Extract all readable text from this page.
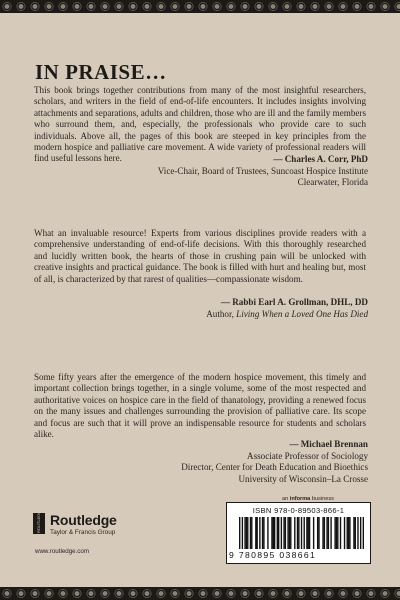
IN PRAISE…

This book brings together contributions from many of the most insightful researchers, scholars, and writers in the field of end-of-life encounters. It includes insights involving attachments and separations, adults and children, those who are ill and the family members who surround them, and, especially, the professionals who provide care to such individuals. Above all, the pages of this book are steeped in key principles from the modern hospice and palliative care movement. A wide variety of professional readers will find useful lessons here.	— Charles A. Corr, PhD
Vice-Chair, Board of Trustees, Suncoast Hospice Institute
Clearwater, Florida

What an invaluable resource! Experts from various disciplines provide readers with a comprehensive understanding of end-of-life decisions. With this thoroughly researched and lucidly written book, the hearts of those in crushing pain will be unlocked with creative insights and practical guidance. The book is filled with hurt and healing but, most of all, is characterized by that rarest of qualities—compassionate wisdom.

— Rabbi Earl A. Grollman, DHL, DD
Author, Living When a Loved One Has Died

Some fifty years after the emergence of the modern hospice movement, this timely and important collection brings together, in a single volume, some of the most respected and authoritative voices on hospice care in the field of thanatology, providing a renewed focus on the many issues and challenges surrounding the provision of palliative care. Its scope and focus are such that it will prove an indispensable resource for students and scholars alike.

— Michael Brennan
Associate Professor of Sociology
Director, Center for Death Education and Bioethics
University of Wisconsin–La Crosse
an informa business
ROUTLEDGE Routledge
Taylor & Francis Group
www.routledge.com
ISBN 978-0-89503-866-1
9 780895 038661
